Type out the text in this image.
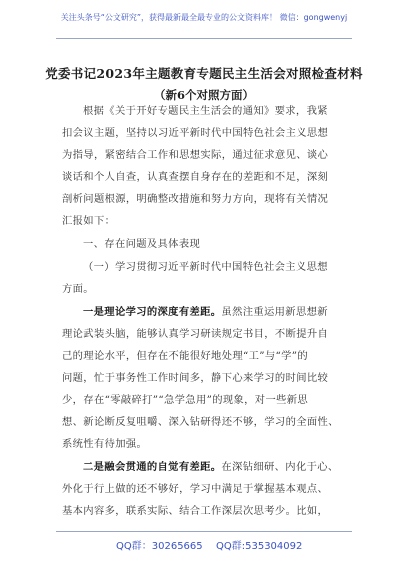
关注头条号“公文研究”，获得最新最全最专业的公文资料库！ 微信：gongwenyj
党委书记2023年主题教育专题民主生活会对照检查材料
（新6个对照方面）
根据《关于开好专题民主生活会的通知》要求，我紧
扣会议主题，坚持以习近平新时代中国特色社会主义思想
为指导，紧密结合工作和思想实际，通过征求意见、谈心
谈话和个人自查，认真查摆自身存在的差距和不足，深刻
剖析问题根源，明确整改措施和努力方向，现将有关情况
汇报如下：
一、存在问题及具体表现
（一）学习贯彻习近平新时代中国特色社会主义思想
方面。
一是理论学习的深度有差距。虽然注重运用新思想新
理论武装头脑，能够认真学习研读规定书目，不断提升自
己的理论水平，但存在不能很好地处理“工”与“学”的
问题，忙于事务性工作时间多，静下心来学习的时间比较
少，存在“零敲碎打”“急学急用”的现象，对一些新思
想、新论断反复咀嚼、深入钻研得还不够，学习的全面性、
系统性有待加强。
二是融会贯通的自觉有差距。在深钻细研、内化于心、
外化于行上做的还不够好，学习中满足于掌握基本观点、
基本内容多，联系实际、结合工作深层次思考少。比如，
QQ群：30265665 QQ群:535304092
